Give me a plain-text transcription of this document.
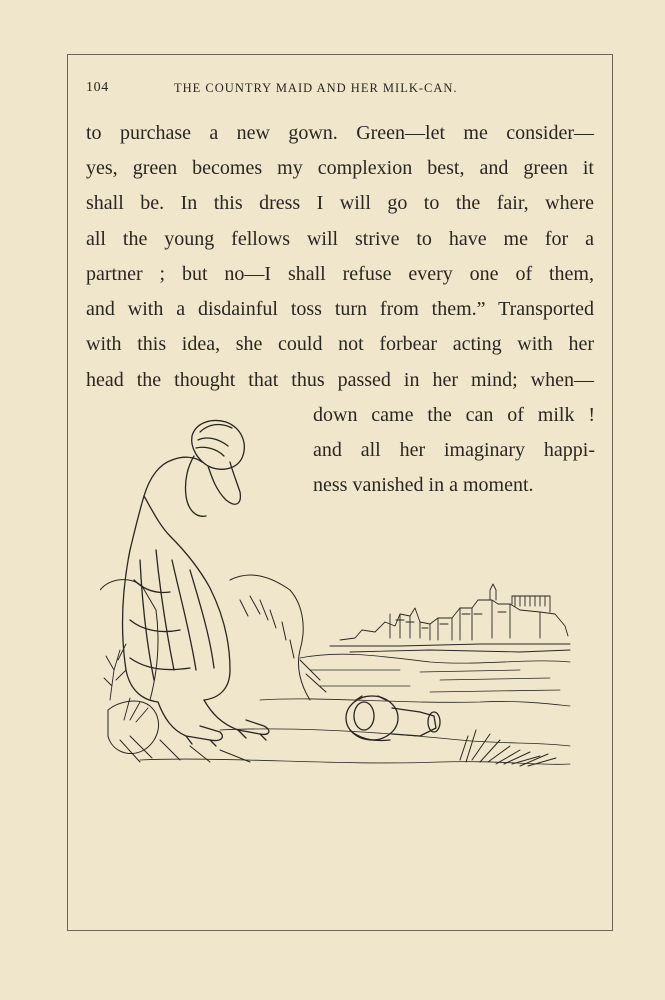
104	THE COUNTRY MAID AND HER MILK-CAN.
to purchase a new gown. Green—let me consider—
yes, green becomes my complexion best, and green it
shall be. In this dress I will go to the fair, where
all the young fellows will strive to have me for a
partner ; but no—I shall refuse every one of them,
and with a disdainful toss turn from them.” Transported
with this idea, she could not forbear acting with her
head the thought that thus passed in her mind; when—
down came the can of milk !
and all her imaginary happi-
ness vanished in a moment.
